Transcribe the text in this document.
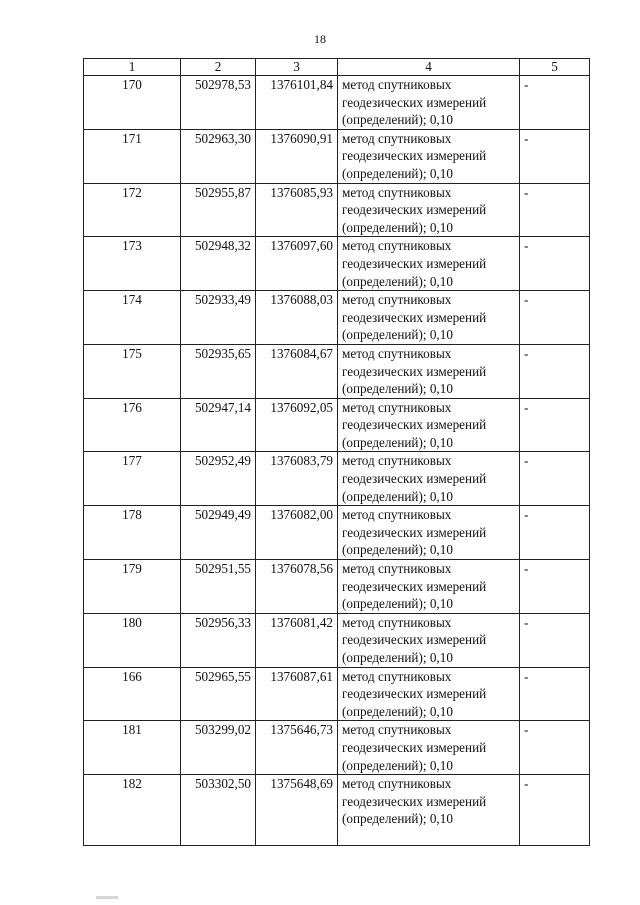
18
1	2	3	4	5
170	502978,53	1376101,84	метод спутниковых
геодезических измерений
(определений); 0,10	-
171	502963,30	1376090,91	метод спутниковых
геодезических измерений
(определений); 0,10	-
172	502955,87	1376085,93	метод спутниковых
геодезических измерений
(определений); 0,10	-
173	502948,32	1376097,60	метод спутниковых
геодезических измерений
(определений); 0,10	-
174	502933,49	1376088,03	метод спутниковых
геодезических измерений
(определений); 0,10	-
175	502935,65	1376084,67	метод спутниковых
геодезических измерений
(определений); 0,10	-
176	502947,14	1376092,05	метод спутниковых
геодезических измерений
(определений); 0,10	-
177	502952,49	1376083,79	метод спутниковых
геодезических измерений
(определений); 0,10	-
178	502949,49	1376082,00	метод спутниковых
геодезических измерений
(определений); 0,10	-
179	502951,55	1376078,56	метод спутниковых
геодезических измерений
(определений); 0,10	-
180	502956,33	1376081,42	метод спутниковых
геодезических измерений
(определений); 0,10	-
166	502965,55	1376087,61	метод спутниковых
геодезических измерений
(определений); 0,10	-
181	503299,02	1375646,73	метод спутниковых
геодезических измерений
(определений); 0,10	-
182	503302,50	1375648,69	метод спутниковых
геодезических измерений
(определений); 0,10	-
